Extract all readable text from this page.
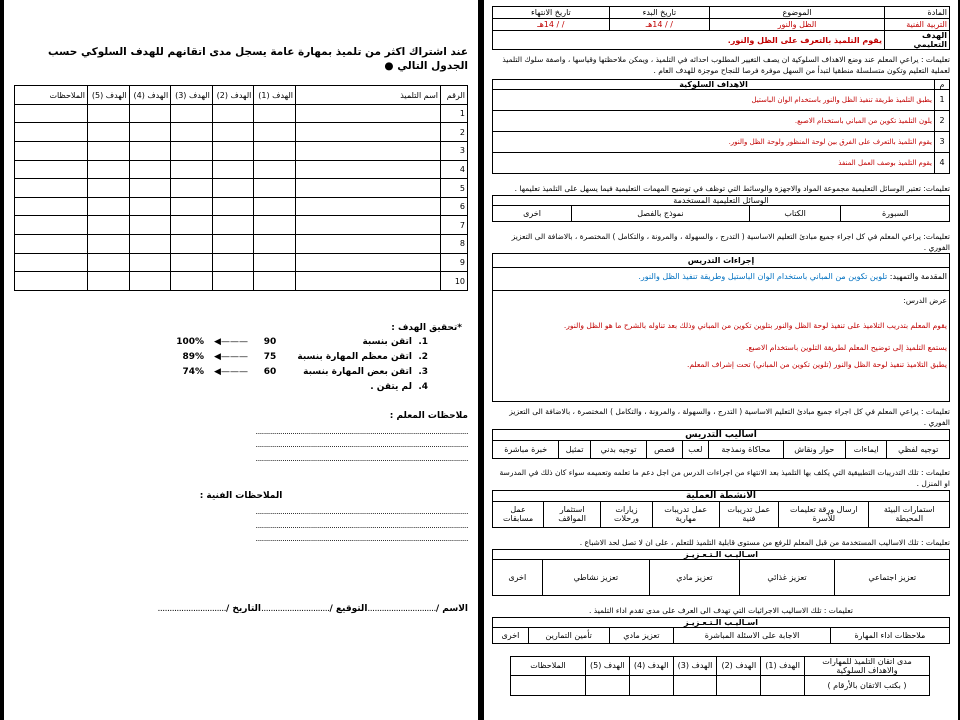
عند اشتراك اكثر من تلميذ بمهارة عامة يسجل مدى اتقانهم للهدف السلوكي حسب الجدول التالي ●
الرقم	اسم التلميذ	الهدف (1)	الهدف (2)	الهدف (3)	الهدف (4)	الهدف (5)	الملاحظات
1							
2							
3							
4							
5							
6							
7							
8							
9							
10							
*تحقيق الهدف :
1.
اتقن بنسبة
90
◀———
100%
2.
اتقن معظم المهارة بنسبة
75
◀———
89%
3.
اتقن بعض المهارة بنسبة
60
◀———
74%
4.
لم يتقن .
ملاحظات المعلم :
........................................................................................................
........................................................................................................
........................................................................................................
الملاحظات الفنية :
........................................................................................................
........................................................................................................
........................................................................................................
الاسم /
.............................
التوقيع /
.............................
التاريخ /
.............................
المادة	الموضوع	تاريخ البدء	تاريخ الانتهاء
التربية الفنية	الظل والنور	/ / 14هـ	/ / 14هـ
الهدف التعليمي	يقوم التلميذ بالتعرف على الظل والنور.		
تعليمات : يراعي المعلم عند وضع الاهداف السلوكية ان يصف التغيير المطلوب احداثه في التلميذ ، ويمكن ملاحظتها وقياسها ، واصفة سلوك التلميذ لعملية التعليم وتكون متسلسلة منطقيا لتبدأ من السهل موفرة فرصا للنجاح موجزة للهدف العام .
م	الاهداف السلوكية
1	يطبق التلميذ طريقة تنفيذ الظل والنور باستخدام الوان الباستيل
2	يلون التلميذ تكوين من المباني باستخدام الاصبع.
3	يقوم التلميذ بالتعرف على الفرق بين لوحة المنظور ولوحة الظل والنور.
4	يقوم التلميذ بوصف العمل المنفذ
تعليمات: تعتبر الوسائل التعليمية مجموعة المواد والاجهزة والوسائط التي توظف في توضيح المهمات التعليمية فيما يسهل على التلميذ تعليمها .
الوسائل التعليمية المستخدمة
السبورة	الكتاب	نموذج بالفصل	اخرى
تعليمات: يراعي المعلم في كل اجراء جميع مبادئ التعليم الاساسية ( التدرج ، والسهولة ، والمرونة ، والتكامل ) المختصرة ، بالاضافة الى التعزيز الفوري .
إجراءات التدريس
المقدمة والتمهيد: تلوين تكوين من المباني باستخدام الوان الباستيل وطريقة تنفيذ الظل والنور.
عرض الدرس:
يقوم المعلم بتدريب التلاميذ على تنفيذ لوحة الظل والنور بتلوين تكوين من المباني وذلك بعد تناوله بالشرح ما هو الظل والنور.
يستمع التلميذ إلى توضيح المعلم لطريقة التلوين باستخدام الاصبع.
يطبق التلاميذ تنفيذ لوحة الظل والنور (تلوين تكوين من المباني) تحت إشراف المعلم.
تعليمات : يراعي المعلم في كل اجراء جميع مبادئ التعليم الاساسية ( التدرج ، والسهولة ، والمرونة ، والتكامل ) المختصرة ، بالاضافة الى التعزيز الفوري .
اساليب التدريس
توجيه لفظي	ايماءات	حوار ونقاش	محاكاة ونمذجة	لعب	قصص	توجيه بدني	تمثيل	خبرة مباشرة
تعليمات : تلك التدريبات التطبيقية التي يكلف بها التلميذ بعد الانتهاء من اجراءات الدرس من اجل دعم ما تعلمه وتعميمه سواء كان ذلك في المدرسة او المنزل .
الانشطة العملية
استمارات البيئة المحيطة	ارسال ورقة تعليمات للأسرة	عمل تدريبات فنية	عمل تدريبات مهارية	زيارات ورحلات	استثمار المواقف	عمل مسابقات
تعليمات : تلك الاساليب المستخدمة من قبل المعلم للرفع من مستوى قابلية التلميذ للتعلم ، على ان لا تصل لحد الاشباع .
اسـاليـب الـتـعـزيـز
تعزيز اجتماعي	تعزيز غذائي	تعزيز مادي	تعزيز نشاطي	اخرى
تعليمات : تلك الاساليب الاجرائيات التي تهدف الى العرف على مدى تقدم اداء التلميذ .
اسـاليـب الـتـعـزيـز
ملاحظات اداء المهارة	الاجابة على الاسئلة المباشرة	تعزيز مادي	تأمين التمارين	اخرى
مدى اتقان التلميذ للمهارات والاهداف السلوكية	الهدف (1)	الهدف (2)	الهدف (3)	الهدف (4)	الهدف (5)	الملاحظات
( بكتب الاتقان بالأرقام )						
